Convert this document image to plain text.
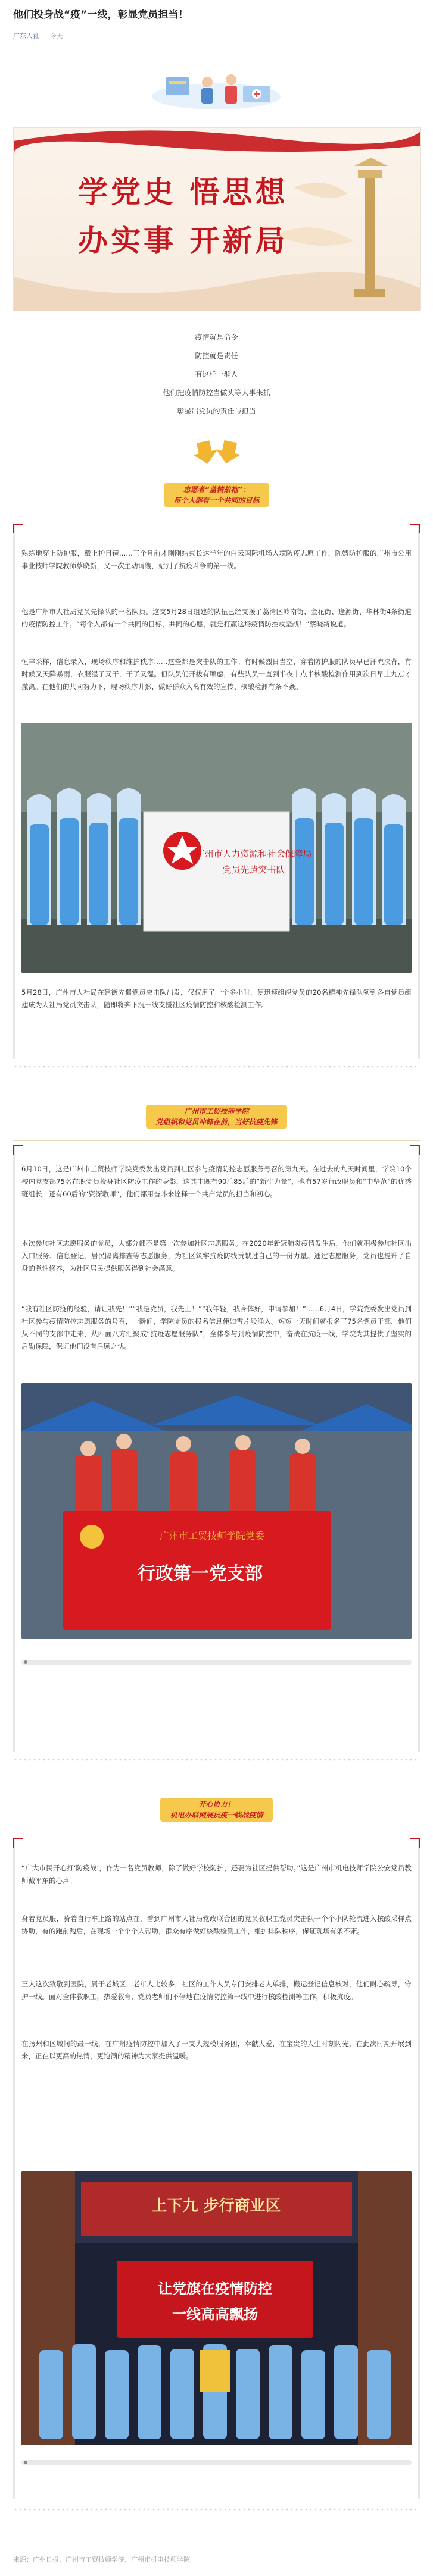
他们投身战“疫”一线，彰显党员担当！
广东人社 今天
学党史 悟思想
办实事 开新局
疫情就是命令
防控就是责任
有这样一群人
他们把疫情防控当做头等大事来抓
彰显出党员的责任与担当
志愿者“蓝精战袍”：
每个人都有一个共同的目标
熟练地穿上防护服，戴上护目镜……三个月前才刚刚结束长达半年的白云国际机场入境防疫志愿工作，陈婧防护服的广州市公用事业技师学院教师蔡晓新，又一次主动请缨，站到了抗疫斗争的第一线。
他是广州市人社局党员先锋队的一名队员。这支5月28日组建的队伍已经支援了荔湾区岭南街、金花街、逢源街、华林街4条街道的疫情防控工作。“每个人都有一个共同的目标，共同的心愿，就是打赢这场疫情防控攻坚战！”蔡晓新说道。
恒丰采样，信息录入，现场秩序和维护秩序……这些都是突击队的工作。有时候烈日当空，穿着防护服的队员早已汗流浃背，有时候又天降暴雨，衣服湿了又干，干了又湿。但队员们开拔有顾虑，有些队员一直到半夜十点半核酸检测作用到次日早上九点才撤离。在他们的共同努力下，现场秩序井然，做好群众入离有效的宣传、核酸检测有条不紊。
广州市人力资源和社会保障局
党员先遣突击队
5月28日，广州市人社局在建街先遣党员突击队出发，仅仅用了一个多小时，便迅速组织党员的20名精神先锋队领到各自党员组建成为人社局党员突击队，随即将奔下沉一线支援社区疫情防控和核酸检测工作。
广州市工贸技师学院
党组织和党员冲锋在前，当好抗疫先锋
6月10日，这是广州市工贸技师学院党委发出党员到社区参与疫情防控志愿服务号召的第九天。在过去的九天时间里，学院10个校内党支部75名在职党员投身社区防疫工作的身影，这其中既有90后85后的“新生力量”，也有57岁行政职员和“中坚范”的优秀班组长，还有60后的“资深教师”，他们都用奋斗来诠释一个共产党员的担当和初心。
本次参加社区志愿服务的党员，大部分都不是第一次参加社区志愿服务。在2020年新冠肺炎疫情发生后，他们就积极参加社区出入口服务、信息登记、居民隔离排查等志愿服务，为社区筑牢抗疫防线贡献过自己的一份力量。通过志愿服务，党员也提升了自身的党性修养，为社区居民提供服务得到社会满意。
“我有社区防疫的经验，请让我先！”“我是党员，我先上！”“我年轻，我身体好，申请参加！”……6月4日，学院党委发出党员到社区参与疫情防控志愿服务的号召，一瞬间，学院党员的报名信息便如雪片般涌入。短短一天时间就报名了75名党员干部，他们从不同的支部中走来，从四面八方汇聚成“抗疫志愿服务队”，全体参与到疫情防控中，奋战在抗疫一线，学院为其提供了坚实的后勤保障，保证他们没有后顾之忧。
广州市工贸技师学院党委
行政第一党支部
开心协力！
机电办联网展抗疫一线战疫情
“广大市民开心打‘防疫战’，作为一名党员教师，除了做好学校防护，还要为社区提供帮助。”这是广州市机电技师学院公安党员教师戴平东的心声。
身着党员服，骑着自行车上路的站点在，看到广州市人社局党政联合团的党员教职工党员突击队一个个小队轮流进入核酸采样点协助，有的跑前跑后，在现场一个个个人帮助，群众有序做好核酸检测工作，维护排队秩序，保证现场有条不紊。
三人这次致敬到医院，属于老城区，老年人比较多，社区的工作人员专门安排老人单排，搬运登记信息核对，他们耐心疏导，守护一线。面对全体教职工，热爱教育，党员老师们不停地在疫情防控第一线中进行核酸检测等工作，积极抗疫。
在扬州和区域间的最一线，在广州疫情防控中加入了一支大规模服务团，奉献大爱，在宝贵的人生时刻闪光，在此次时期开展到来，正在以更高的热情，更饱满的精神为大家提供温暖。
上下九 步行商业区
让党旗在疫情防控
一线高高飘扬
来源：广州日报、广州市工贸技师学院、广州市机电技师学院
